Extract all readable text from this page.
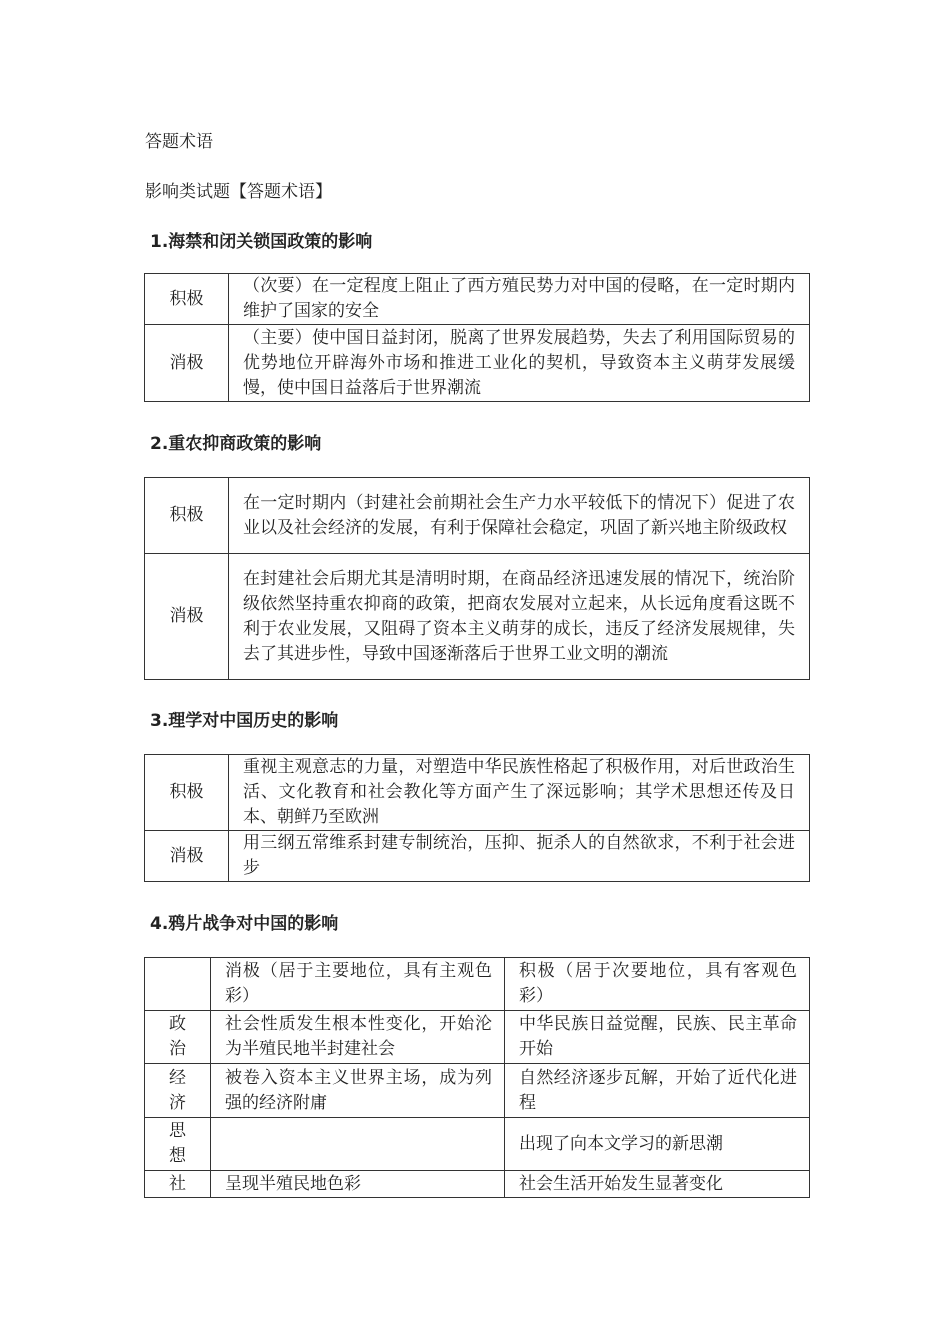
答题术语
影响类试题【答题术语】
1.海禁和闭关锁国政策的影响
积极	（次要）在一定程度上阻止了西方殖民势力对中国的侵略，在一定时期内维护了国家的安全
消极	（主要）使中国日益封闭，脱离了世界发展趋势，失去了利用国际贸易的优势地位开辟海外市场和推进工业化的契机，导致资本主义萌芽发展缓慢，使中国日益落后于世界潮流
2.重农抑商政策的影响
积极	在一定时期内（封建社会前期社会生产力水平较低下的情况下）促进了农业以及社会经济的发展，有利于保障社会稳定，巩固了新兴地主阶级政权
消极	在封建社会后期尤其是清明时期，在商品经济迅速发展的情况下，统治阶级依然坚持重农抑商的政策，把商农发展对立起来，从长远角度看这既不利于农业发展，又阻碍了资本主义萌芽的成长，违反了经济发展规律，失去了其进步性，导致中国逐渐落后于世界工业文明的潮流
3.理学对中国历史的影响
积极	重视主观意志的力量，对塑造中华民族性格起了积极作用，对后世政治生活、文化教育和社会教化等方面产生了深远影响；其学术思想还传及日本、朝鲜乃至欧洲
消极	用三纲五常维系封建专制统治，压抑、扼杀人的自然欲求，不利于社会进步
4.鸦片战争对中国的影响
	消极（居于主要地位，具有主观色彩）	积极（居于次要地位，具有客观色彩）

政治	社会性质发生根本性变化，开始沦为半殖民地半封建社会	中华民族日益觉醒，民族、民主革命开始

经济	被卷入资本主义世界主场，成为列强的经济附庸	自然经济逐步瓦解，开始了近代化进程

思想		出现了向本文学习的新思潮

社	呈现半殖民地色彩	社会生活开始发生显著变化
